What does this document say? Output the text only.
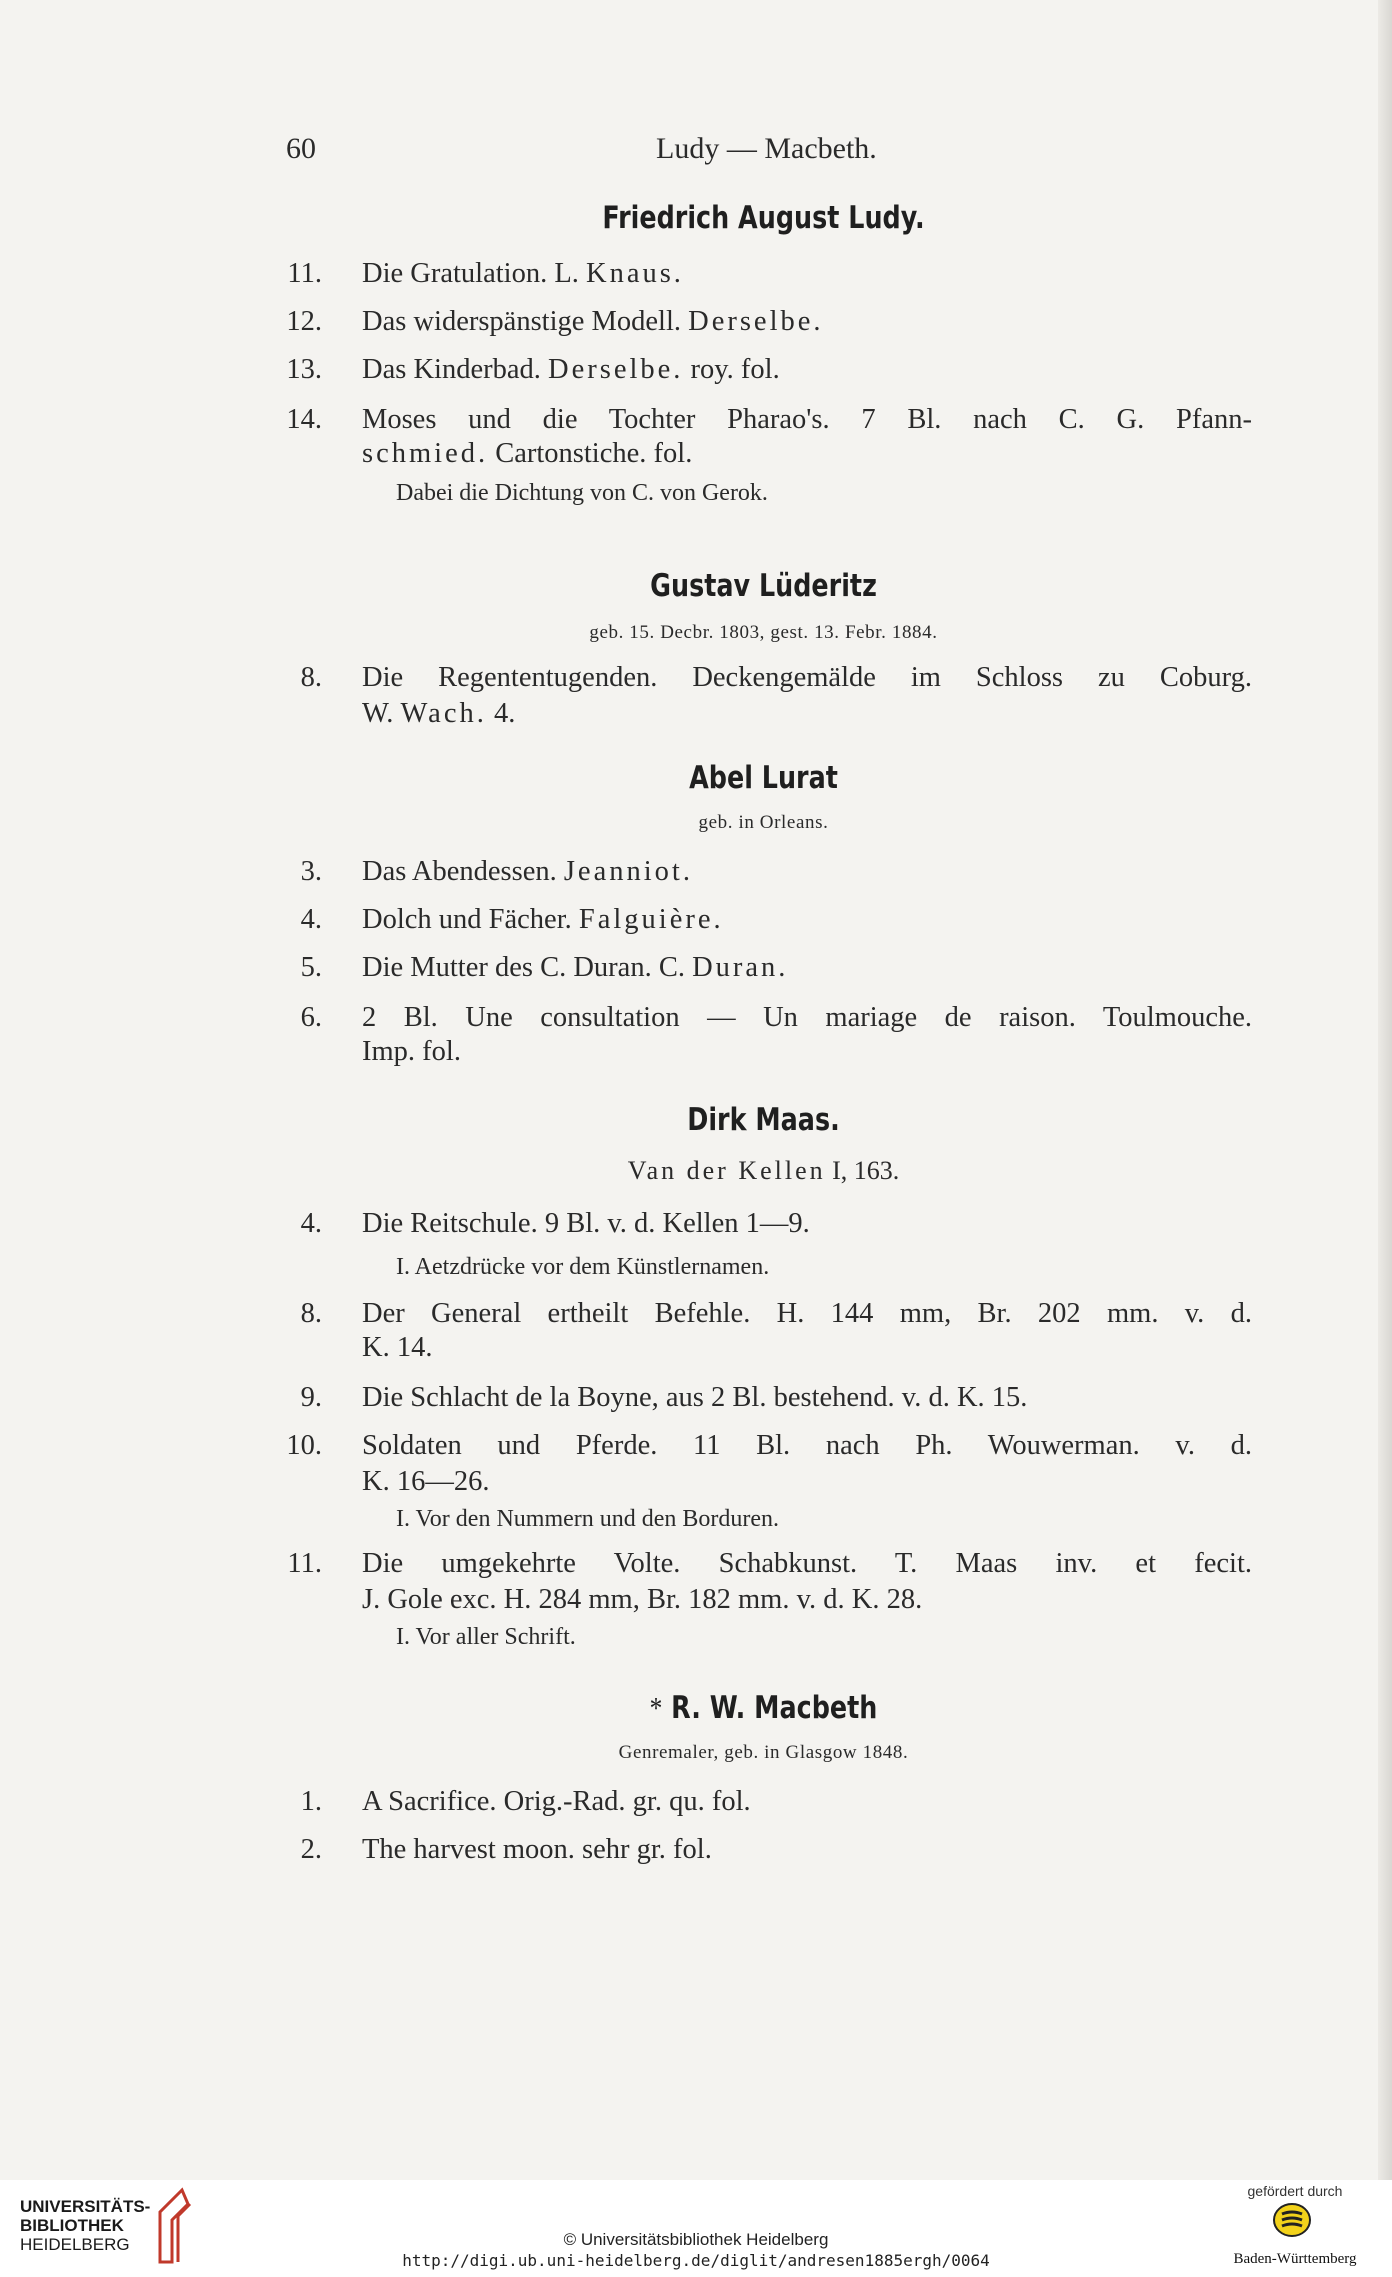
60	Ludy — Macbeth.
Friedrich August Ludy.
11. Die Gratulation. L. Knaus.
12. Das widerspänstige Modell. Derselbe.
13. Das Kinderbad. Derselbe. roy. fol.
14. Moses und die Tochter Pharao's. 7 Bl. nach C. G. Pfann-
schmied. Cartonstiche. fol.
Dabei die Dichtung von C. von Gerok.
Gustav Lüderitz
geb. 15. Decbr. 1803, gest. 13. Febr. 1884.
8. Die Regententugenden. Deckengemälde im Schloss zu Coburg.
W. Wach. 4.
Abel Lurat
geb. in Orleans.
3. Das Abendessen. Jeanniot.
4. Dolch und Fächer. Falguière.
5. Die Mutter des C. Duran. C. Duran.
6. 2 Bl. Une consultation — Un mariage de raison. Toulmouche.
Imp. fol.
Dirk Maas.
Van der Kellen I, 163.
4. Die Reitschule. 9 Bl. v. d. Kellen 1—9.
I. Aetzdrücke vor dem Künstlernamen.
8. Der General ertheilt Befehle. H. 144 mm, Br. 202 mm. v. d.
K. 14.
9. Die Schlacht de la Boyne, aus 2 Bl. bestehend. v. d. K. 15.
10. Soldaten und Pferde. 11 Bl. nach Ph. Wouwerman. v. d.
K. 16—26.
I. Vor den Nummern und den Borduren.
11. Die umgekehrte Volte. Schabkunst. T. Maas inv. et fecit.
J. Gole exc. H. 284 mm, Br. 182 mm. v. d. K. 28.
I. Vor aller Schrift.
* R. W. Macbeth
Genremaler, geb. in Glasgow 1848.
1. A Sacrifice. Orig.-Rad. gr. qu. fol.
2. The harvest moon. sehr gr. fol.
UNIVERSITÄTS-
BIBLIOTHEK
HEIDELBERG	© Universitätsbibliothek Heidelberg
http://digi.ub.uni-heidelberg.de/diglit/andresen1885ergh/0064
gefördert durch
Baden-Württemberg
